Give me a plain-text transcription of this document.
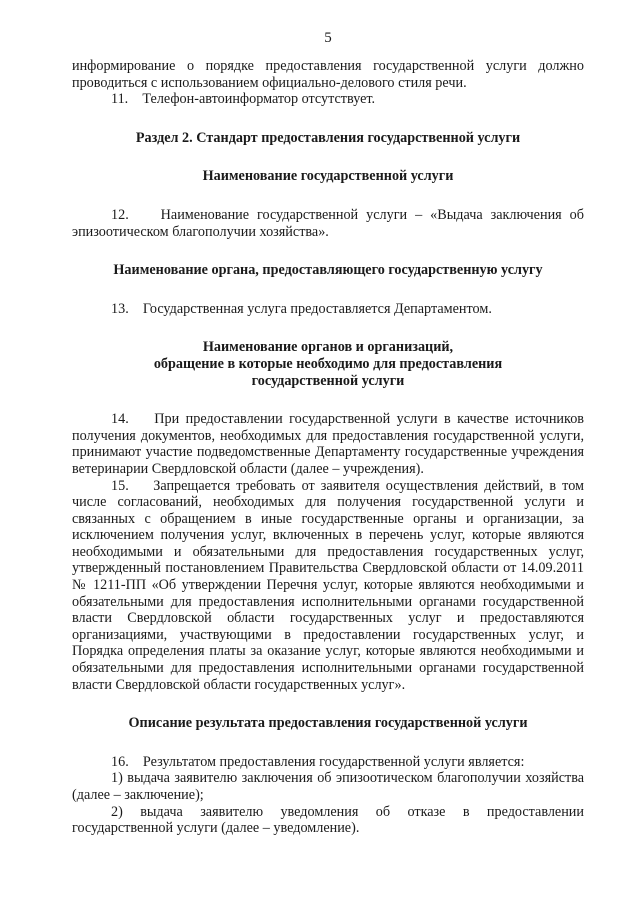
5

информирование о порядке предоставления государственной услуги должно проводиться с использованием официально-делового стиля речи.

11.    Телефон-автоинформатор отсутствует.

Раздел 2. Стандарт предоставления государственной услуги
Наименование государственной услуги

12.    Наименование государственной услуги – «Выдача заключения об эпизоотическом благополучии хозяйства».

Наименование органа, предоставляющего государственную услугу

13.    Государственная услуга предоставляется Департаментом.

Наименование органов и организаций,
обращение в которые необходимо для предоставления
государственной услуги

14.    При предоставлении государственной услуги в качестве источников получения документов, необходимых для предоставления государственной услуги, принимают участие подведомственные Департаменту государственные учреждения ветеринарии Свердловской области (далее – учреждения).

15.    Запрещается требовать от заявителя осуществления действий, в том числе согласований, необходимых для получения государственной услуги и связанных с обращением в иные государственные органы и организации, за исключением получения услуг, включенных в перечень услуг, которые являются необходимыми и обязательными для предоставления государственных услуг, утвержденный постановлением Правительства Свердловской области от 14.09.2011 № 1211-ПП «Об утверждении Перечня услуг, которые являются необходимыми и обязательными для предоставления исполнительными органами государственной власти Свердловской области государственных услуг и предоставляются организациями, участвующими в предоставлении государственных услуг, и Порядка определения платы за оказание услуг, которые являются необходимыми и обязательными для предоставления исполнительными органами государственной власти Свердловской области государственных услуг».

Описание результата предоставления государственной услуги

16.    Результатом предоставления государственной услуги является:

1) выдача заявителю заключения об эпизоотическом благополучии хозяйства (далее – заключение);

2) выдача заявителю уведомления об отказе в предоставлении государственной услуги (далее – уведомление).
